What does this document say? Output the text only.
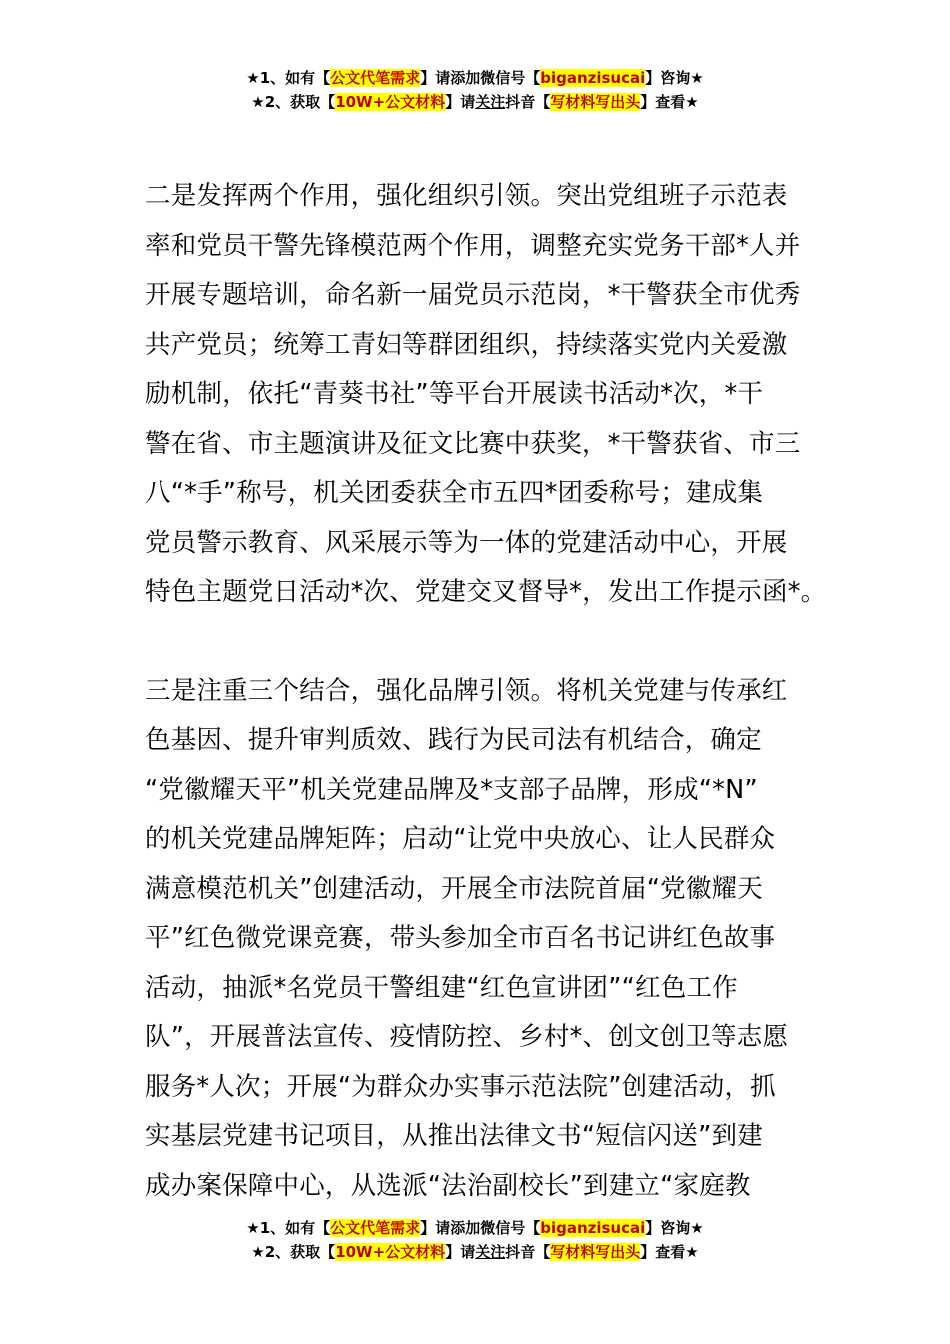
★1、如有【公文代笔需求】请添加微信号【biganzisucai】咨询★
★2、获取【10W+公文材料】请关注抖音【写材料写出头】查看★

二是发挥两个作用，强化组织引领。突出党组班子示范表
率和党员干警先锋模范两个作用，调整充实党务干部*人并
开展专题培训，命名新一届党员示范岗，*干警获全市优秀
共产党员；统筹工青妇等群团组织，持续落实党内关爱激
励机制，依托“青葵书社”等平台开展读书活动*次，*干
警在省、市主题演讲及征文比赛中获奖，*干警获省、市三
八“*手”称号，机关团委获全市五四*团委称号；建成集
党员警示教育、风采展示等为一体的党建活动中心，开展
特色主题党日活动*次、党建交叉督导*，发出工作提示函*。

三是注重三个结合，强化品牌引领。将机关党建与传承红
色基因、提升审判质效、践行为民司法有机结合，确定
“党徽耀天平”机关党建品牌及*支部子品牌，形成“*N”
的机关党建品牌矩阵；启动“让党中央放心、让人民群众
满意模范机关”创建活动，开展全市法院首届“党徽耀天
平”红色微党课竞赛，带头参加全市百名书记讲红色故事
活动，抽派*名党员干警组建“红色宣讲团”“红色工作
队”，开展普法宣传、疫情防控、乡村*、创文创卫等志愿
服务*人次；开展“为群众办实事示范法院”创建活动，抓
实基层党建书记项目，从推出法律文书“短信闪送”到建
成办案保障中心，从选派“法治副校长”到建立“家庭教

★1、如有【公文代笔需求】请添加微信号【biganzisucai】咨询★
★2、获取【10W+公文材料】请关注抖音【写材料写出头】查看★
